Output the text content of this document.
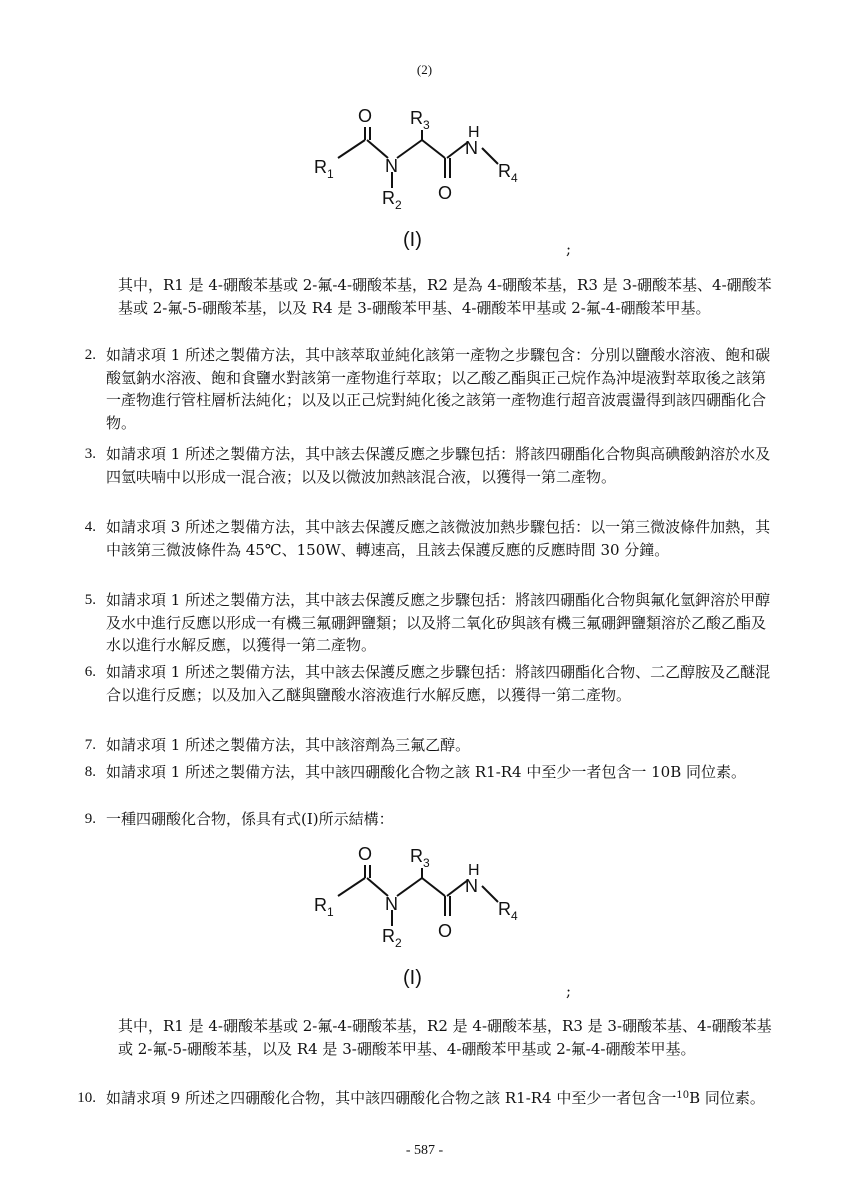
(2)
O $R_3$ H
N
$R_1$	N	$R_4$
O
$R_2$
(I)	;

其中，R1 是 4-硼酸苯基或 2-氟-4-硼酸苯基，R2 是為 4-硼酸苯基，R3 是 3-硼酸苯基、4-硼酸苯基或 2-氟-5-硼酸苯基，以及 R4 是 3-硼酸苯甲基、4-硼酸苯甲基或 2-氟-4-硼酸苯甲基。

2. 如請求項 1 所述之製備方法，其中該萃取並純化該第一產物之步驟包含：分別以鹽酸水溶液、飽和碳酸氫鈉水溶液、飽和食鹽水對該第一產物進行萃取；以乙酸乙酯與正己烷作為沖堤液對萃取後之該第一產物進行管柱層析法純化；以及以正己烷對純化後之該第一產物進行超音波震盪得到該四硼酯化合物。
3. 如請求項 1 所述之製備方法，其中該去保護反應之步驟包括：將該四硼酯化合物與高碘酸鈉溶於水及四氫呋喃中以形成一混合液；以及以微波加熱該混合液，以獲得一第二產物。
4. 如請求項 3 所述之製備方法，其中該去保護反應之該微波加熱步驟包括：以一第三微波條件加熱，其中該第三微波條件為 45℃、150W、轉速高，且該去保護反應的反應時間 30 分鐘。
5. 如請求項 1 所述之製備方法，其中該去保護反應之步驟包括：將該四硼酯化合物與氟化氫鉀溶於甲醇及水中進行反應以形成一有機三氟硼鉀鹽類；以及將二氧化矽與該有機三氟硼鉀鹽類溶於乙酸乙酯及水以進行水解反應，以獲得一第二產物。
6. 如請求項 1 所述之製備方法，其中該去保護反應之步驟包括：將該四硼酯化合物、二乙醇胺及乙醚混合以進行反應；以及加入乙醚與鹽酸水溶液進行水解反應，以獲得一第二產物。
7. 如請求項 1 所述之製備方法，其中該溶劑為三氟乙醇。
8. 如請求項 1 所述之製備方法，其中該四硼酸化合物之該 R1-R4 中至少一者包含一 10B 同位素。
9. 一種四硼酸化合物，係具有式(I)所示結構：
O $R_3$ H
N
$R_1$	N	$R_4$
O
$R_2$
(I)
;

其中，R1 是 4-硼酸苯基或 2-氟-4-硼酸苯基，R2 是 4-硼酸苯基，R3 是 3-硼酸苯基、4-硼酸苯基或 2-氟-5-硼酸苯基，以及 R4 是 3-硼酸苯甲基、4-硼酸苯甲基或 2-氟-4-硼酸苯甲基。

10. 如請求項 9 所述之四硼酸化合物，其中該四硼酸化合物之該 R1-R4 中至少一者包含一$^{10}$B 同位素。
- 587 -
